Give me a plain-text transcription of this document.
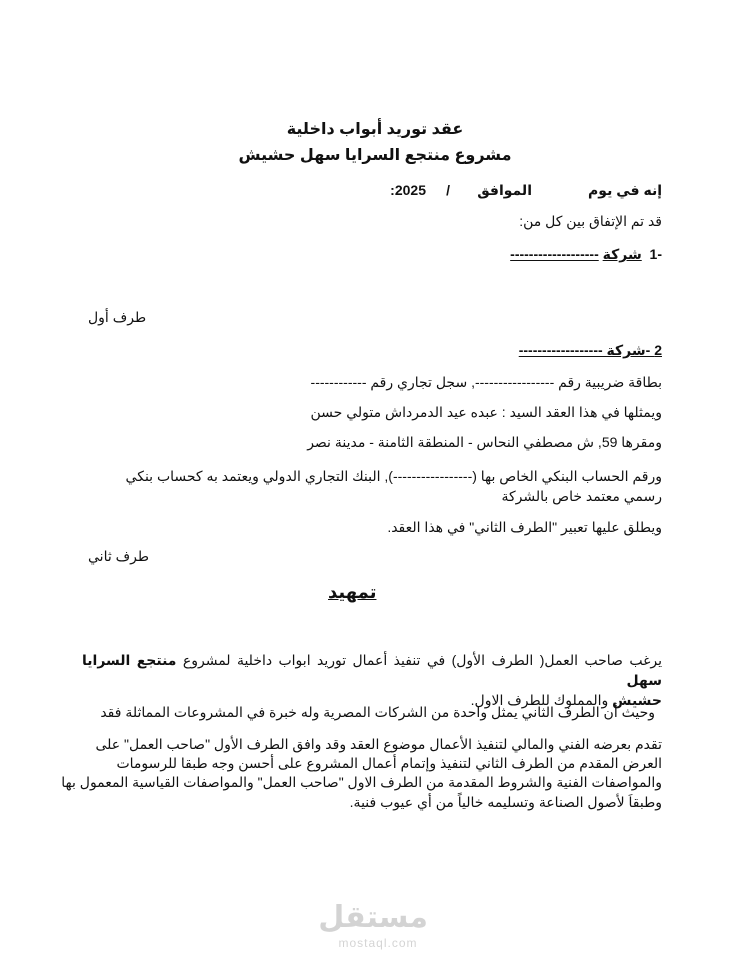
عقد توريد أبواب داخلية
مشروع منتجع السرايا سهل حشيش
إنه في يوم
الموافق
/
2025:
قد تم الإتفاق بين كل من:
-1  شركة -------------------
طرف أول
2 -شركة ------------------
بطاقة ضريبية رقم -----------------, سجل تجاري رقم ------------
ويمثلها في هذا العقد السيد : عبده عيد الدمرداش متولي حسن
ومقرها 59, ش مصطفي النحاس - المنطقة الثامنة - مدينة نصر
ورقم الحساب البنكي الخاص بها (-----------------), البنك التجاري الدولي ويعتمد به كحساب بنكي
رسمي معتمد خاص بالشركة
ويطلق عليها تعبير "الطرف الثاني" في هذا العقد.
طرف ثاني
تمهيد
يرغب صاحب العمل( الطرف الأول) في تنفيذ أعمال توريد ابواب داخلية لمشروع منتجع السرايا سهل
حشيش والمملوك للطرف الاول.
وحيث أن الطرف الثاني يمثل واحدة من الشركات المصرية وله خبرة في المشروعات المماثلة فقد
تقدم بعرضه الفني والمالي لتنفيذ الأعمال موضوع العقد وقد وافق الطرف الأول "صاحب العمل" على
العرض المقدم من الطرف الثاني لتنفيذ وإتمام أعمال المشروع على أحسن وجه طبقا للرسومات
والمواصفات الفنية والشروط المقدمة من الطرف الاول "صاحب العمل" والمواصفات القياسية المعمول بها
وطبقاَ لأصول الصناعة وتسليمه خالياً من أي عيوب فنية.
مستقل
mostaql.com
